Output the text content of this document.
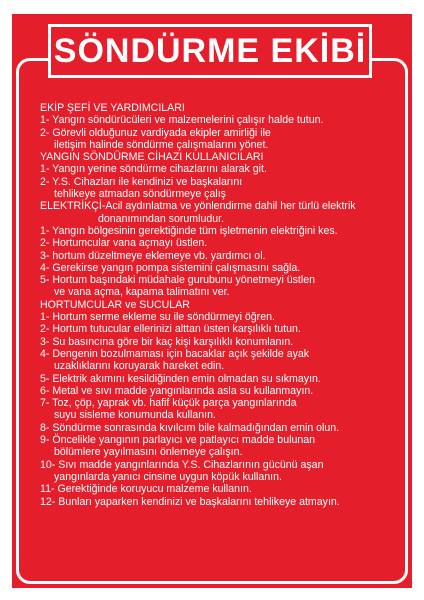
SÖNDÜRME EKİBİ
EKİP ŞEFİ VE YARDIMCILARI
1- Yangın söndürücüleri ve malzemelerini çalışır halde tutun.
2- Görevli olduğunuz vardiyada ekipler amirliği ile
iletişim halinde söndürme çalışmalarını yönet.
YANGIN SÖNDÜRME CİHAZI KULLANICILARI
1- Yangın yerine söndürme cihazlarını alarak git.
2- Y.S. Cihazları ile kendinizi ve başkalarını
tehlikeye atmadan söndürmeye çalış
ELEKTRİKÇİ-Acil aydınlatma ve yönlendirme dahil her türlü elektrik
donanımından sorumludur.
1- Yangın bölgesinin gerektiğinde tüm işletmenin elektriğini kes.
2- Hortumcular vana açmayı üstlen.
3- hortum düzeltmeye eklemeye vb. yardımcı ol.
4- Gerekirse yangın pompa sistemini çalışmasını sağla.
5- Hortum başındaki müdahale gurubunu yönetmeyi üstlen
ve vana açma, kapama talimatını ver.
HORTUMCULAR ve SUCULAR
1- Hortum serme ekleme su ile söndürmeyi öğren.
2- Hortum tutucular ellerinizi alttan üsten karşılıklı tutun.
3- Su basıncına göre bir kaç kişi karşılıklı konumlanın.
4- Dengenin bozulmaması için bacaklar açık şekilde ayak
uzaklıklarını koruyarak hareket edin.
5- Elektrik akımını kesildiğinden emin olmadan su sıkmayın.
6- Metal ve sıvı madde yangınlarında asla su kullanmayın.
7- Toz, çöp, yaprak vb. hafif küçük parça yangınlarında
suyu sisleme konumunda kullanın.
8- Söndürme sonrasında kıvılcım bile kalmadığından emin olun.
9- Öncelikle yangının parlayıcı ve patlayıcı madde bulunan
bölümlere yayılmasını önlemeye çalışın.
10- Sıvı madde yangınlarında Y.S. Cihazlarının gücünü aşan
yangınlarda yanıcı cinsine uygun köpük kullanın.
11- Gerektiğinde koruyucu malzeme kullanın.
12- Bunları yaparken kendinizi ve başkalarını tehlikeye atmayın.
